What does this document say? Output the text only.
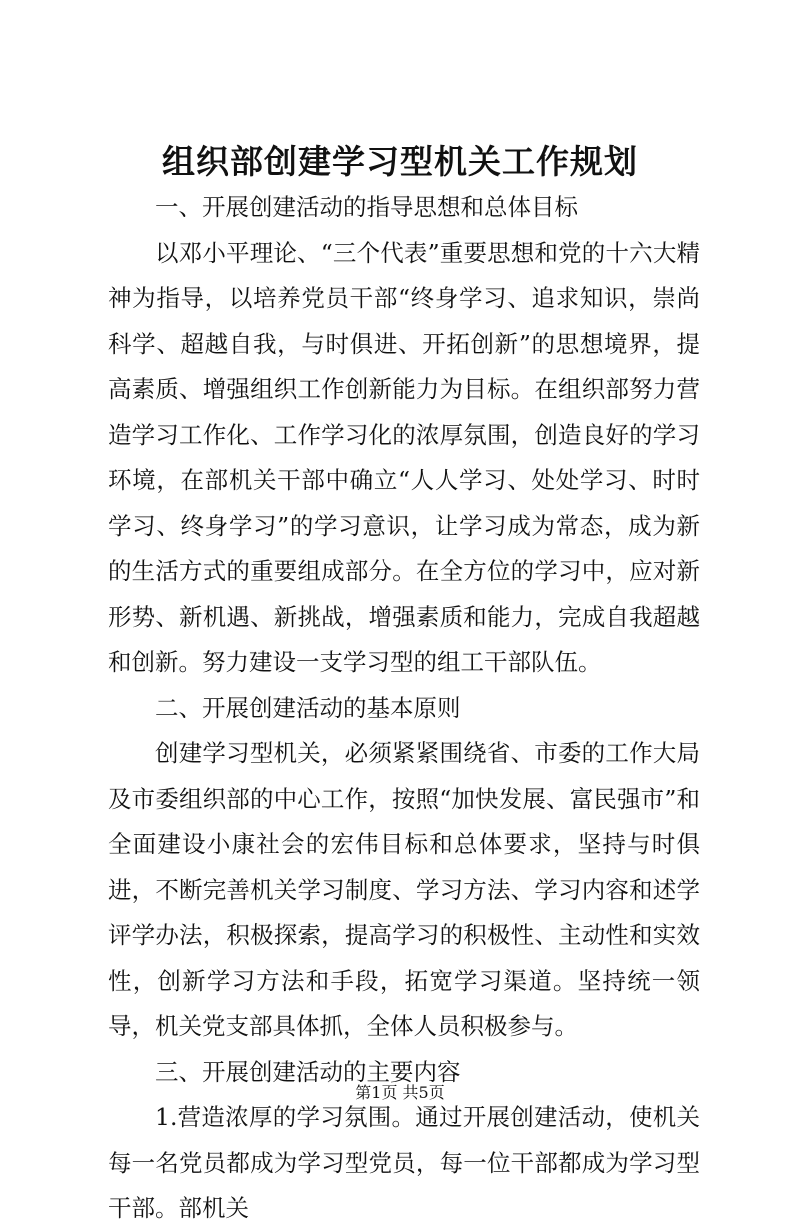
组织部创建学习型机关工作规划

一、开展创建活动的指导思想和总体目标

以邓小平理论、“三个代表”重要思想和党的十六大精神为指导，以培养党员干部“终身学习、追求知识，崇尚科学、超越自我，与时俱进、开拓创新”的思想境界，提高素质、增强组织工作创新能力为目标。在组织部努力营造学习工作化、工作学习化的浓厚氛围，创造良好的学习环境，在部机关干部中确立“人人学习、处处学习、时时学习、终身学习”的学习意识，让学习成为常态，成为新的生活方式的重要组成部分。在全方位的学习中，应对新形势、新机遇、新挑战，增强素质和能力，完成自我超越和创新。努力建设一支学习型的组工干部队伍。

二、开展创建活动的基本原则

创建学习型机关，必须紧紧围绕省、市委的工作大局及市委组织部的中心工作，按照“加快发展、富民强市”和全面建设小康社会的宏伟目标和总体要求，坚持与时俱进，不断完善机关学习制度、学习方法、学习内容和述学评学办法，积极探索，提高学习的积极性、主动性和实效性，创新学习方法和手段，拓宽学习渠道。坚持统一领导，机关党支部具体抓，全体人员积极参与。

三、开展创建活动的主要内容

1.营造浓厚的学习氛围。通过开展创建活动，使机关每一名党员都成为学习型党员，每一位干部都成为学习型干部。部机关

第1页 共5页
